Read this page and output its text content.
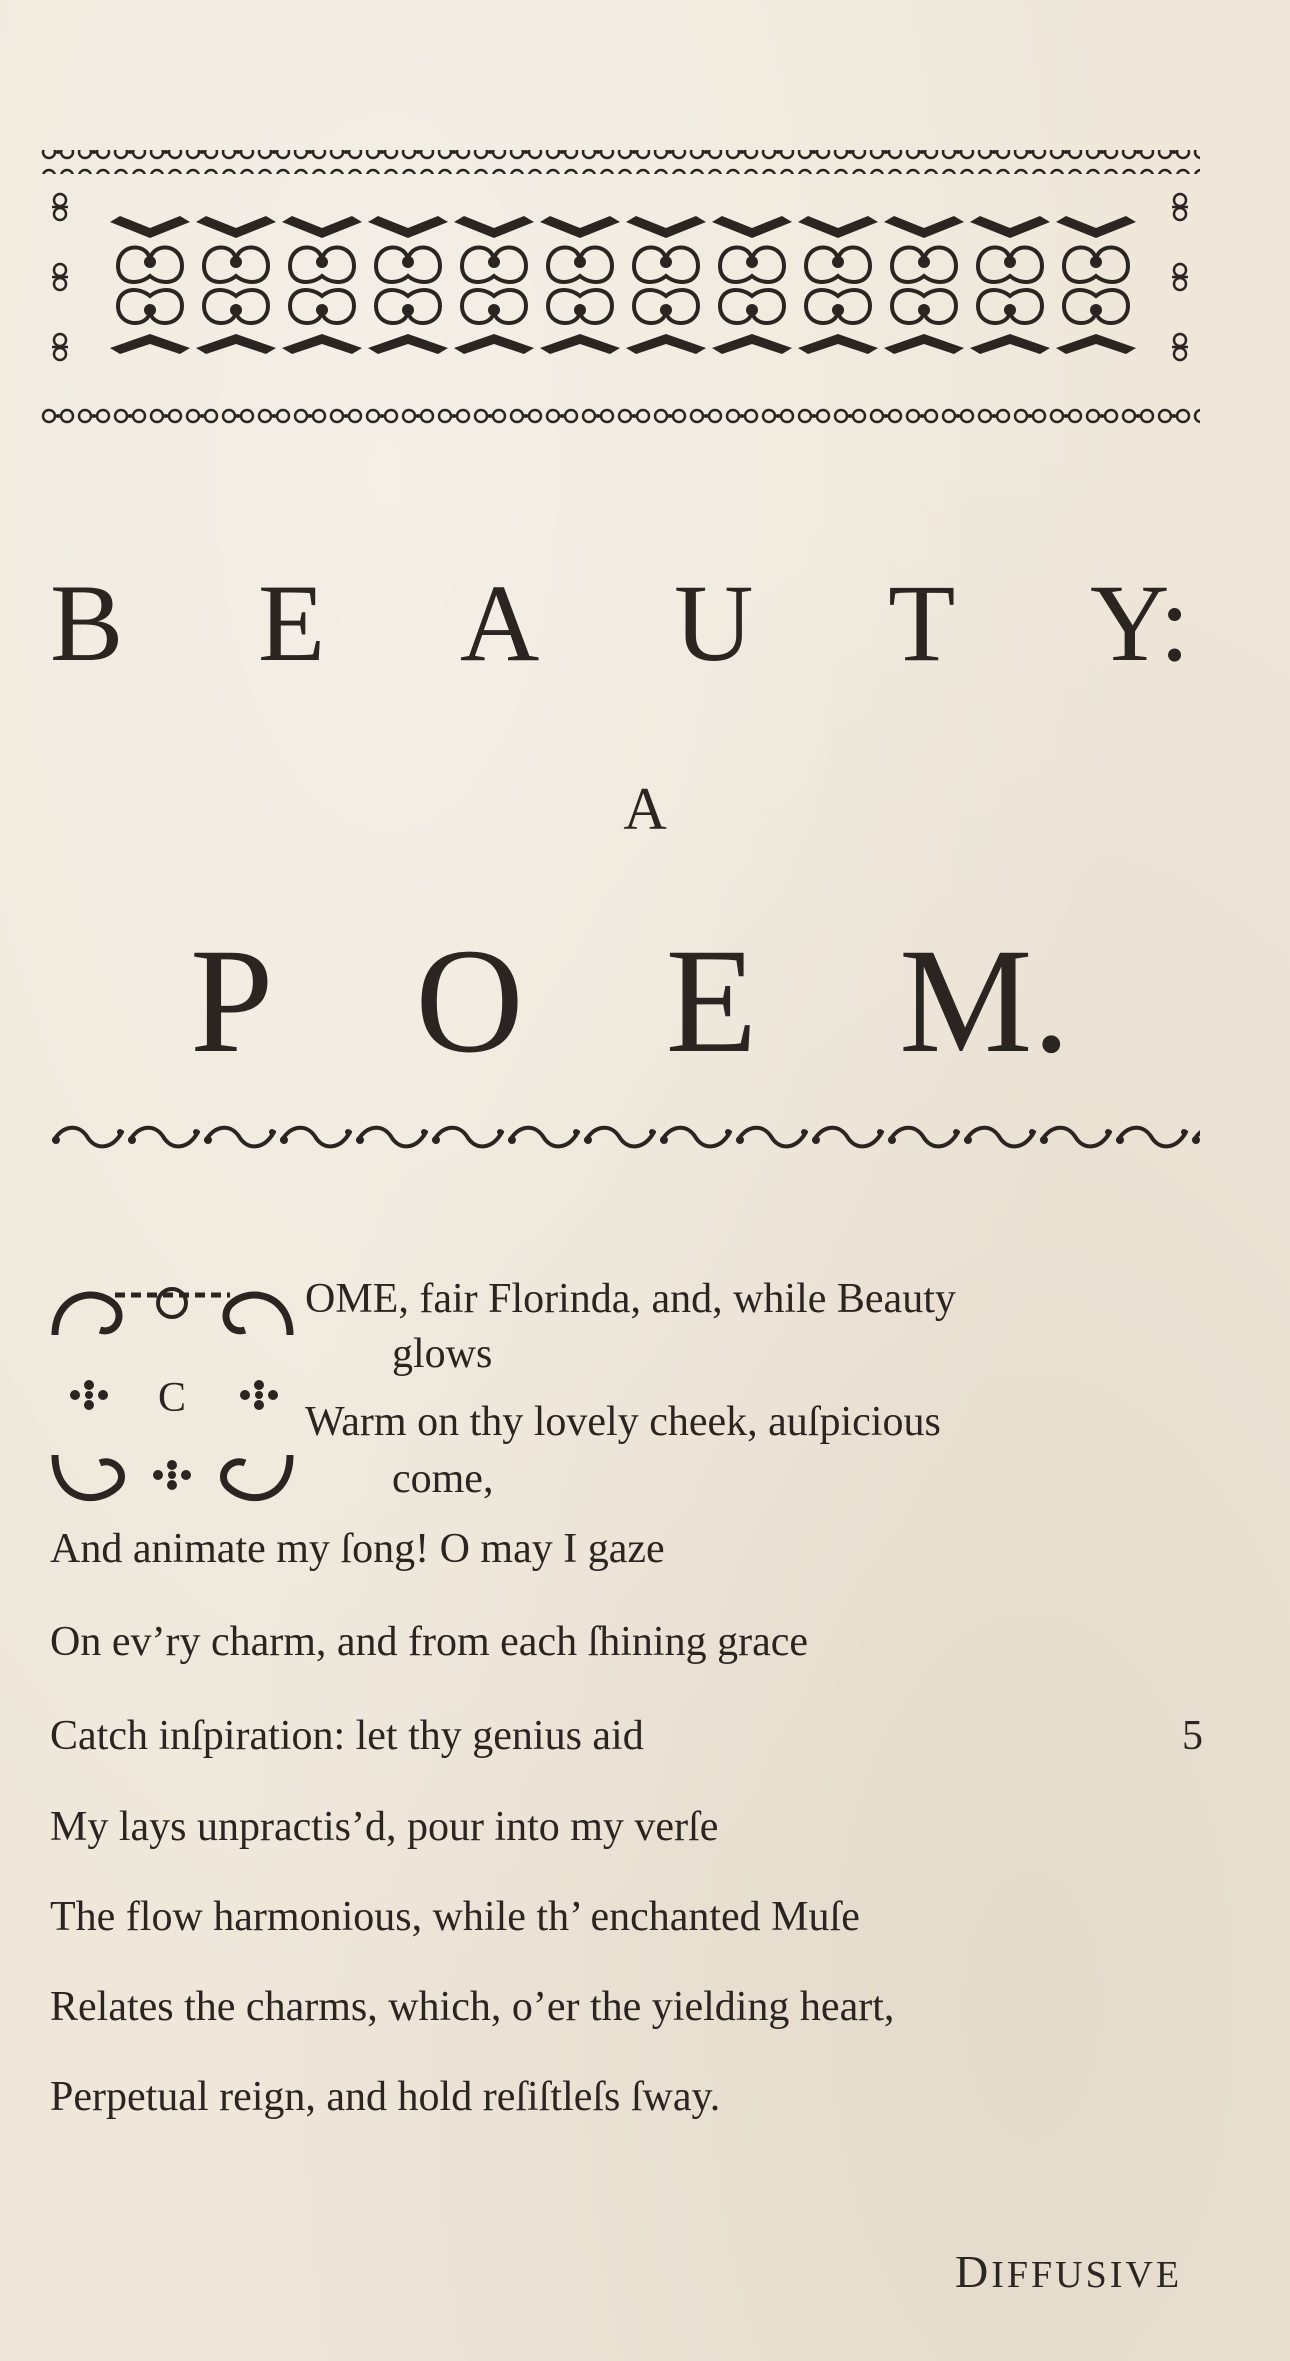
B E A U T Y:
A
P O E M.
C
OME, fair Florinda, and, while Beauty
glows
Warm on thy lovely cheek, auſpicious
come,
And animate my ſong! O may I gaze
On ev’ry charm, and from each ſhining grace
Catch inſpiration: let thy genius aid	5
My lays unpractis’d, pour into my verſe
The flow harmonious, while th’ enchanted Muſe
Relates the charms, which, o’er the yielding heart,
Perpetual reign, and hold reſiſtleſs ſway.
DIFFUSIVE
